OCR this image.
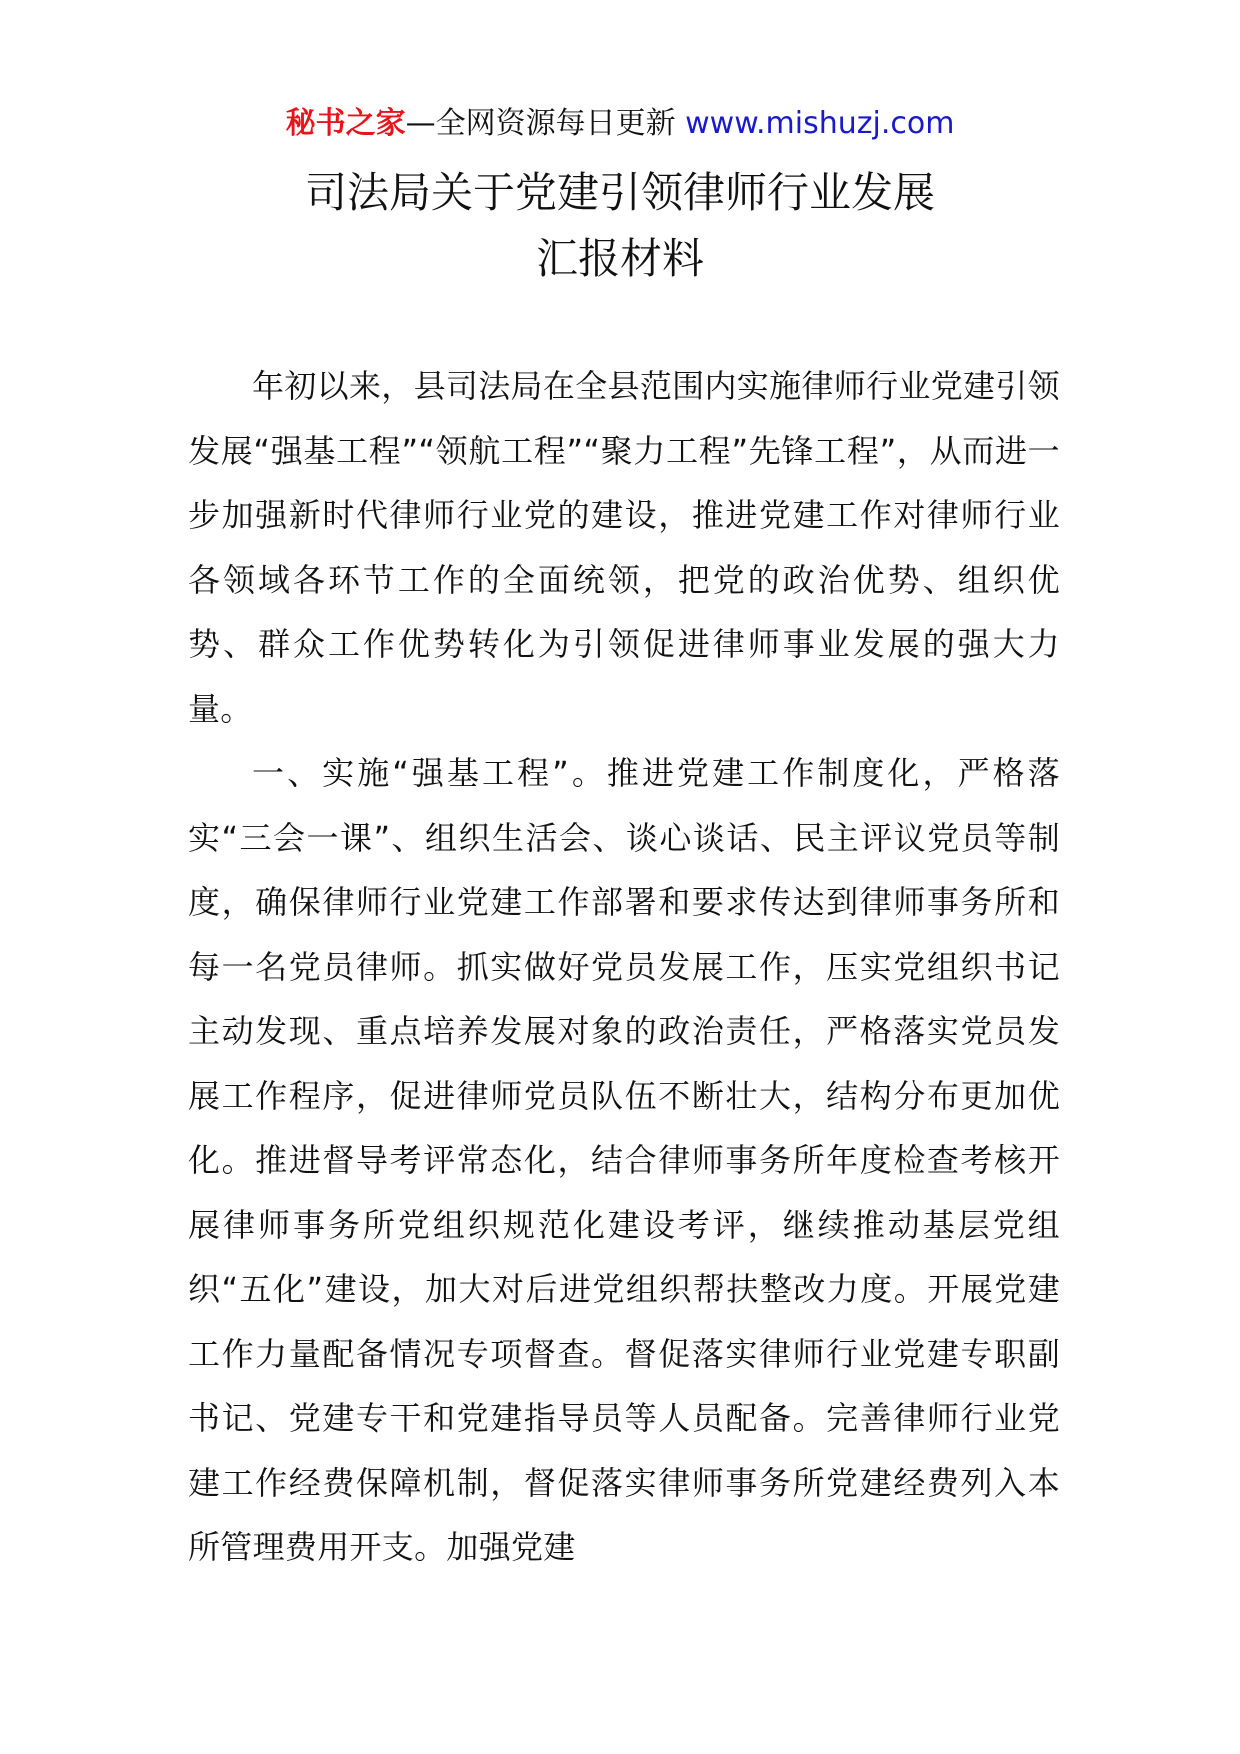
秘书之家—全网资源每日更新 www.mishuzj.com
司法局关于党建引领律师行业发展
汇报材料

年初以来，县司法局在全县范围内实施律师行业党建引领发展“强基工程”“领航工程”“聚力工程”先锋工程”，从而进一步加强新时代律师行业党的建设，推进党建工作对律师行业各领域各环节工作的全面统领，把党的政治优势、组织优势、群众工作优势转化为引领促进律师事业发展的强大力量。

一、实施“强基工程”。推进党建工作制度化，严格落实“三会一课”、组织生活会、谈心谈话、民主评议党员等制度，确保律师行业党建工作部署和要求传达到律师事务所和每一名党员律师。抓实做好党员发展工作，压实党组织书记主动发现、重点培养发展对象的政治责任，严格落实党员发展工作程序，促进律师党员队伍不断壮大，结构分布更加优化。推进督导考评常态化，结合律师事务所年度检查考核开展律师事务所党组织规范化建设考评，继续推动基层党组织“五化”建设，加大对后进党组织帮扶整改力度。开展党建工作力量配备情况专项督查。督促落实律师行业党建专职副书记、党建专干和党建指导员等人员配备。完善律师行业党建工作经费保障机制，督促落实律师事务所党建经费列入本所管理费用开支。加强党建
